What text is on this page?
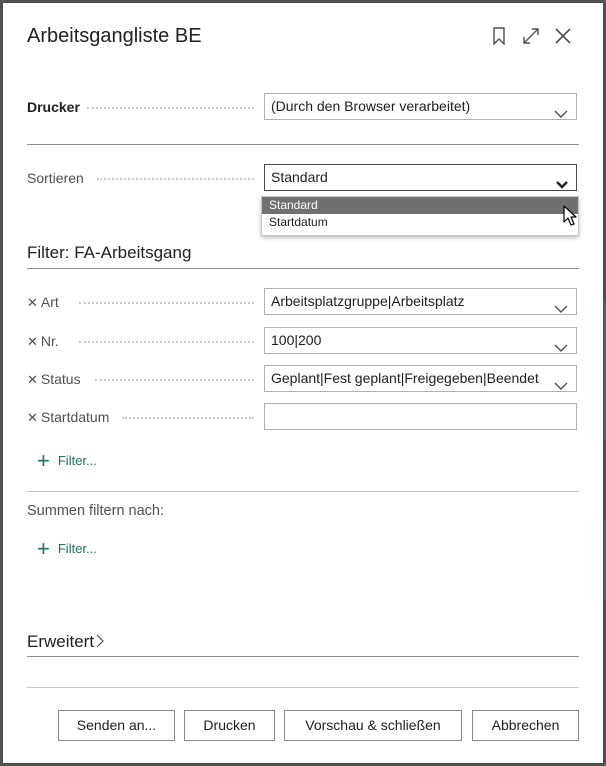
Arbeitsgangliste BE
Drucker	(Durch den Browser verarbeitet)
Sortieren	Standard
Filter: FA-Arbeitsgang
✕ Art	Arbeitsplatzgruppe|Arbeitsplatz
✕ Nr.	100|200
✕ Status	Geplant|Fest geplant|Freigegeben|Beendet
✕ Startdatum
+ Filter...
Summen filtern nach:
+ Filter...
Erweitert
Senden an...	Drucken	Vorschau & schließen	Abbrechen
Standard
Startdatum
